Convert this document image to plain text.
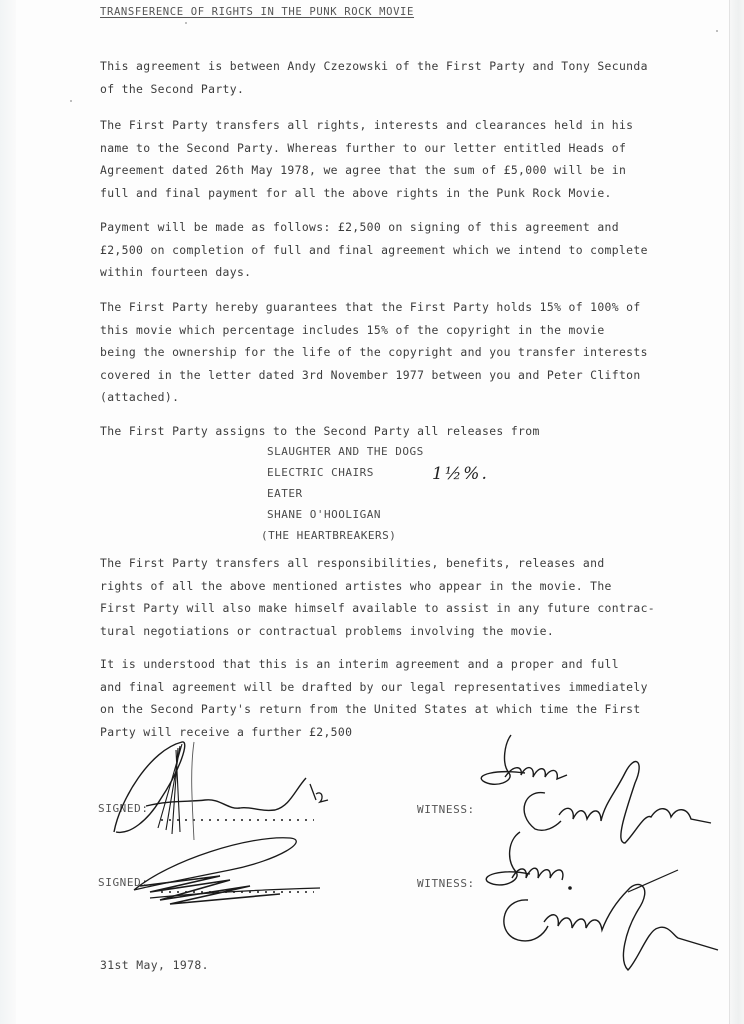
TRANSFERENCE OF RIGHTS IN THE PUNK ROCK MOVIE
This agreement is between Andy Czezowski of the First Party and Tony Secunda
of the Second Party.
The First Party transfers all rights, interests and clearances held in his
name to the Second Party. Whereas further to our letter entitled Heads of
Agreement dated 26th May 1978, we agree that the sum of £5,000 will be in
full and final payment for all the above rights in the Punk Rock Movie.
Payment will be made as follows: £2,500 on signing of this agreement and
£2,500 on completion of full and final agreement which we intend to complete
within fourteen days.
The First Party hereby guarantees that the First Party holds 15% of 100% of
this movie which percentage includes 15% of the copyright in the movie
being the ownership for the life of the copyright and you transfer interests
covered in the letter dated 3rd November 1977 between you and Peter Clifton
(attached).
The First Party assigns to the Second Party all releases from
SLAUGHTER AND THE DOGS
ELECTRIC CHAIRS
EATER
SHANE O'HOOLIGAN
(THE HEARTBREAKERS)
The First Party transfers all responsibilities, benefits, releases and
rights of all the above mentioned artistes who appear in the movie. The
First Party will also make himself available to assist in any future contrac-
tural negotiations or contractual problems involving the movie.
It is understood that this is an interim agreement and a proper and full
and final agreement will be drafted by our legal representatives immediately
on the Second Party's return from the United States at which time the First
Party will receive a further £2,500
1½%.
SIGNED:
SIGNED:
WITNESS:
WITNESS:
31st May, 1978.
